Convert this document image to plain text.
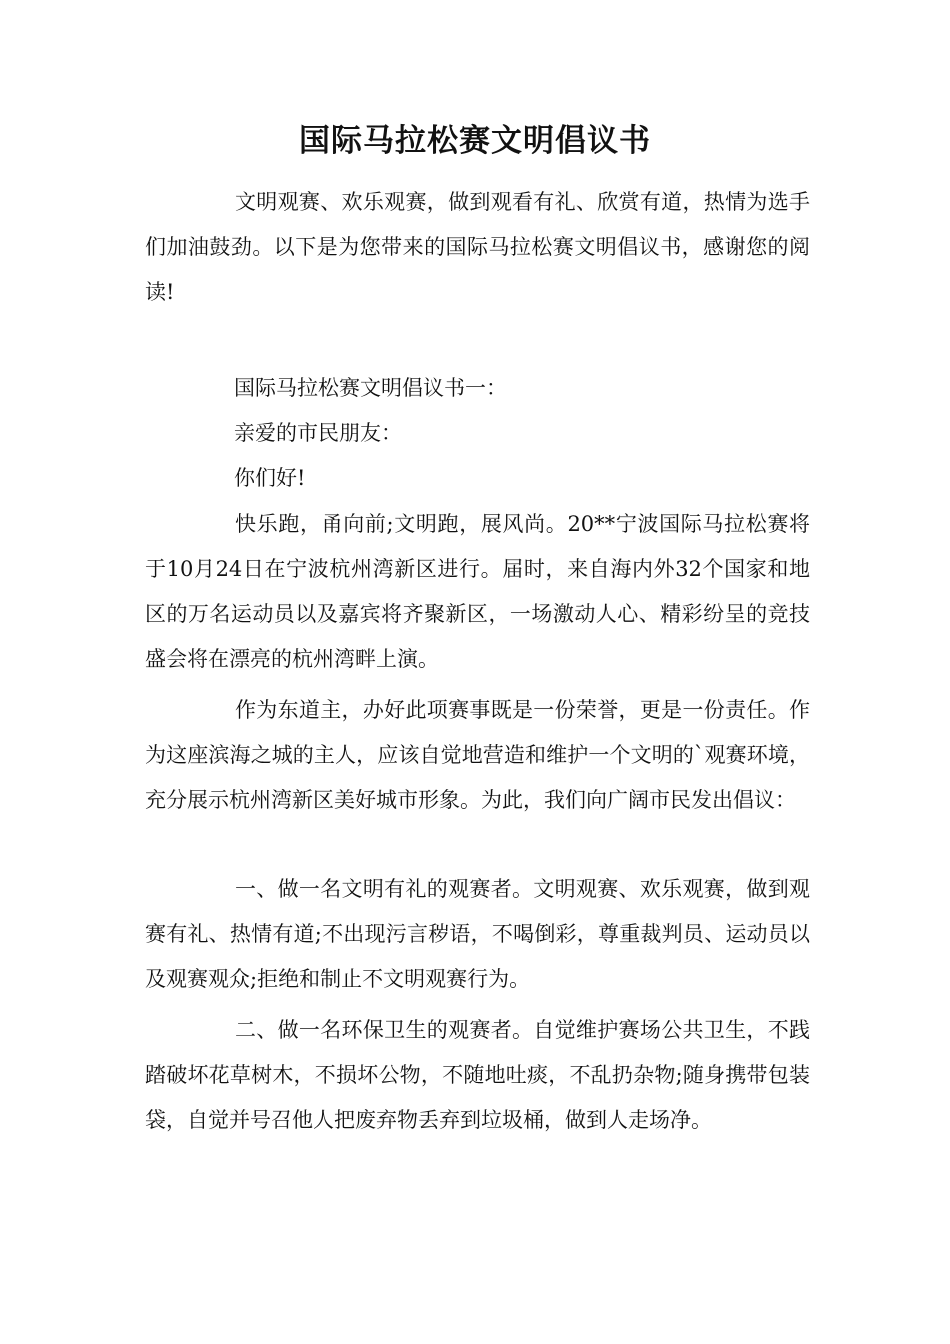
国际马拉松赛文明倡议书

文明观赛、欢乐观赛，做到观看有礼、欣赏有道，热情为选手们加油鼓劲。以下是为您带来的国际马拉松赛文明倡议书，感谢您的阅读!

国际马拉松赛文明倡议书一：

亲爱的市民朋友：

你们好!

快乐跑，甬向前;文明跑，展风尚。20**宁波国际马拉松赛将于10月24日在宁波杭州湾新区进行。届时，来自海内外32个国家和地区的万名运动员以及嘉宾将齐聚新区，一场激动人心、精彩纷呈的竞技盛会将在漂亮的杭州湾畔上演。

作为东道主，办好此项赛事既是一份荣誉，更是一份责任。作为这座滨海之城的主人，应该自觉地营造和维护一个文明的`观赛环境，充分展示杭州湾新区美好城市形象。为此，我们向广阔市民发出倡议：

一、做一名文明有礼的观赛者。文明观赛、欢乐观赛，做到观赛有礼、热情有道;不出现污言秽语，不喝倒彩，尊重裁判员、运动员以及观赛观众;拒绝和制止不文明观赛行为。

二、做一名环保卫生的观赛者。自觉维护赛场公共卫生，不践踏破坏花草树木，不损坏公物，不随地吐痰，不乱扔杂物;随身携带包装袋，自觉并号召他人把废弃物丢弃到垃圾桶，做到人走场净。
